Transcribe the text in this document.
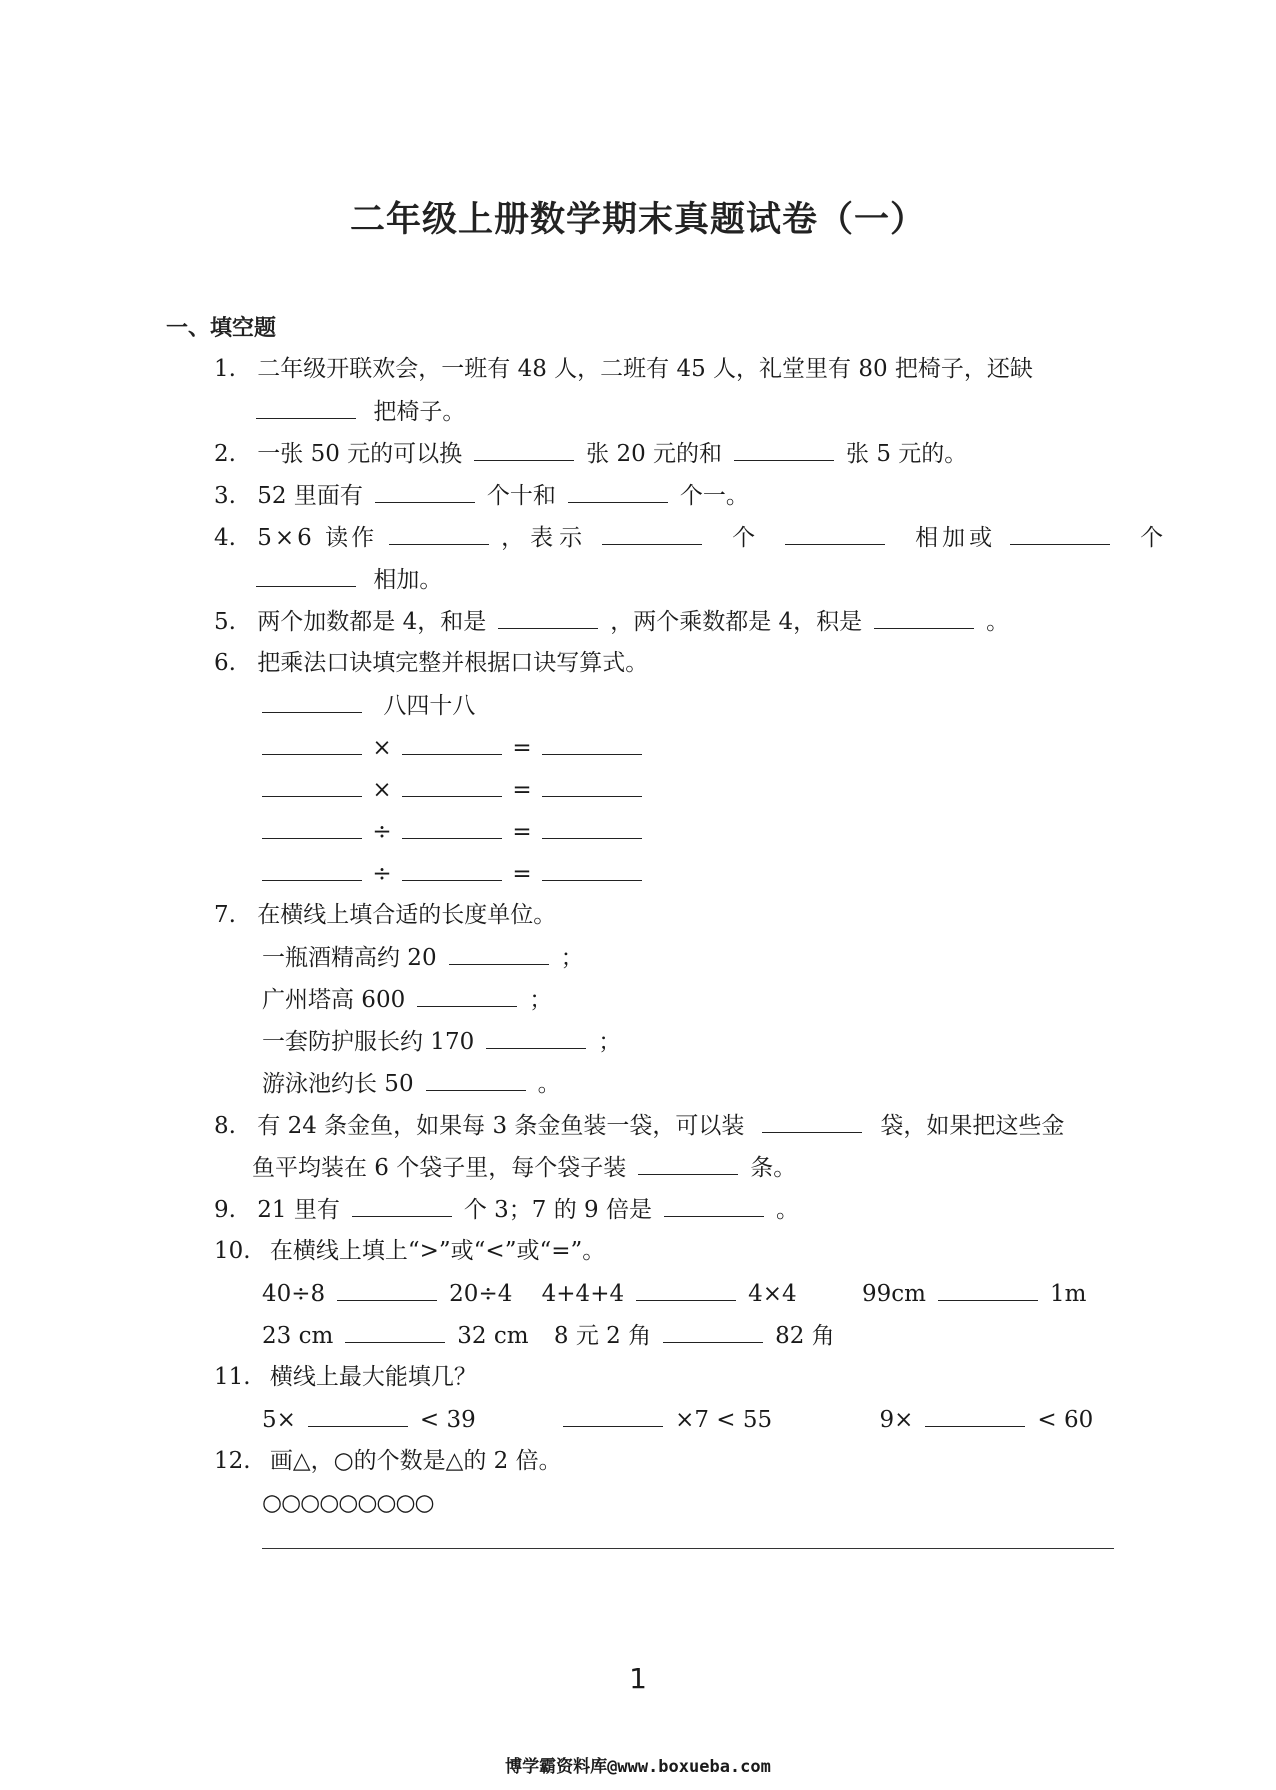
二年级上册数学期末真题试卷（一）
一、填空题
1. 二年级开联欢会，一班有 48 人，二班有 45 人，礼堂里有 80 把椅子，还缺
把椅子。
2. 一张 50 元的可以换	张 20 元的和	张 5 元的。
3. 52 里面有	个十和	个一。
4. 5×6 读作	，表示	个	相加或	个
相加。
5. 两个加数都是 4，和是	，两个乘数都是 4，积是	。
6. 把乘法口诀填完整并根据口诀写算式。
八四十八
×	=
×	=
÷	=
÷	=
7. 在横线上填合适的长度单位。
一瓶酒精高约 20	；
广州塔高 600	；
一套防护服长约 170	；
游泳池约长 50	。
8. 有 24 条金鱼，如果每 3 条金鱼装一袋，可以装	袋，如果把这些金
鱼平均装在 6 个袋子里，每个袋子装	条。
9. 21 里有	个 3；7 的 9 倍是	。
10. 在横线上填上“>”或“<”或“=”。
40÷8	20÷4 4+4+4	4×4	99cm	1m
23 cm	32 cm 8 元 2 角	82 角
11. 横线上最大能填几？
5×	< 39	×7 < 55	9×	< 60
12. 画△，○的个数是△的 2 倍。
○○○○○○○○○
1
博学霸资料库@www.boxueba.com
